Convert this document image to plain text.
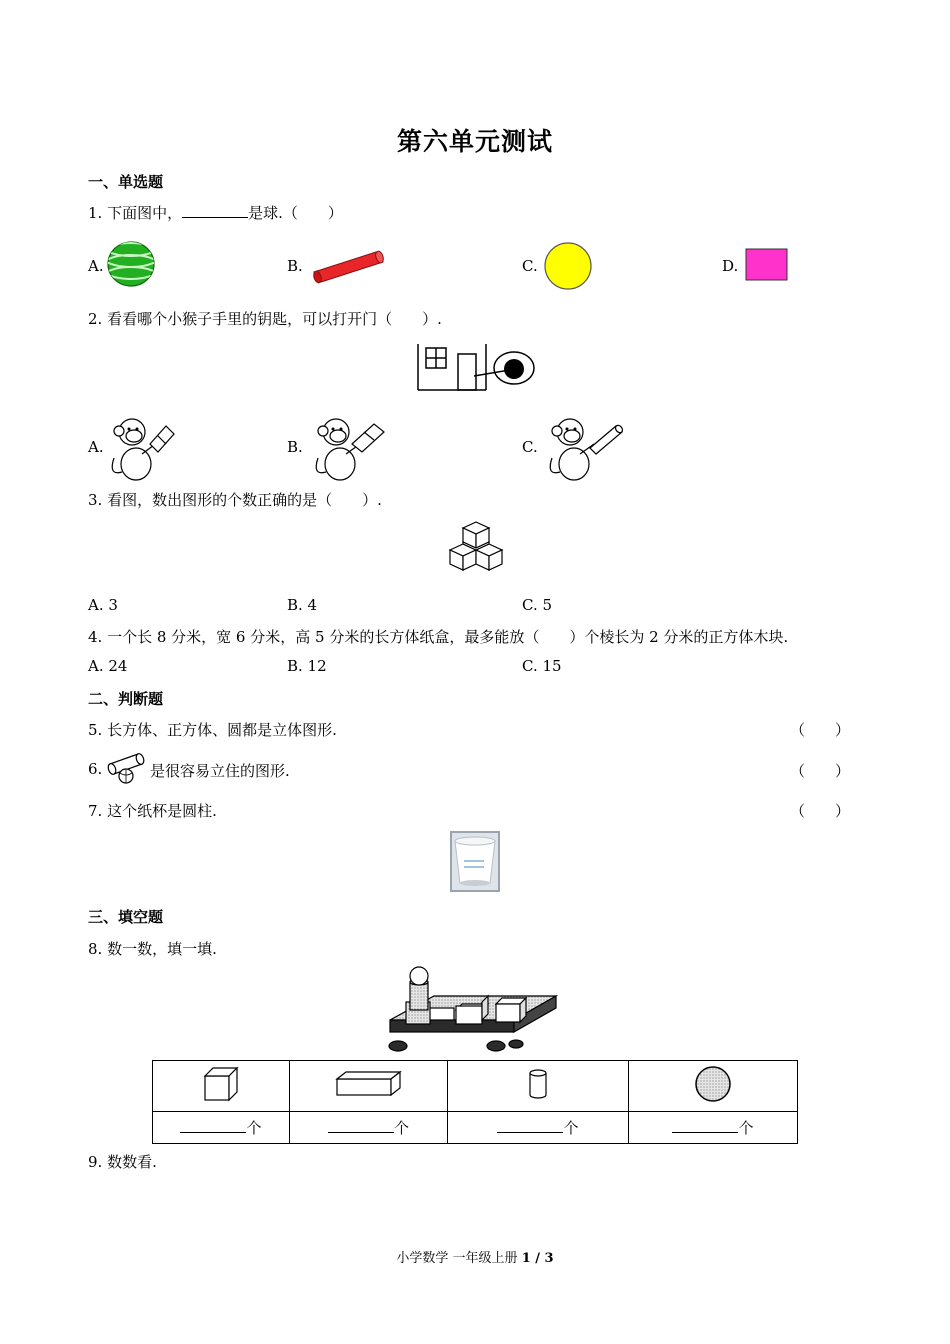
第六单元测试
一、单选题
1. 下面图中，	是球.（　　）
A.	B.	C.	D.
2. 看看哪个小猴子手里的钥匙，可以打开门（　　）.
A.	B.	C.
3. 看图，数出图形的个数正确的是（　　）.
A. 3	B. 4	C. 5
4. 一个长 8 分米，宽 6 分米，高 5 分米的长方体纸盒，最多能放（　　）个棱长为 2 分米的正方体木块.
A. 24	B. 12	C. 15
二、判断题
5. 长方体、正方体、圆都是立体图形.	（　　）
6.	是很容易立住的图形.	（　　）
7. 这个纸杯是圆柱.	（　　）
三、填空题
8. 数一数，填一填.

个	个	个	个
9. 数数看.
小学数学 一年级上册 1 / 3
